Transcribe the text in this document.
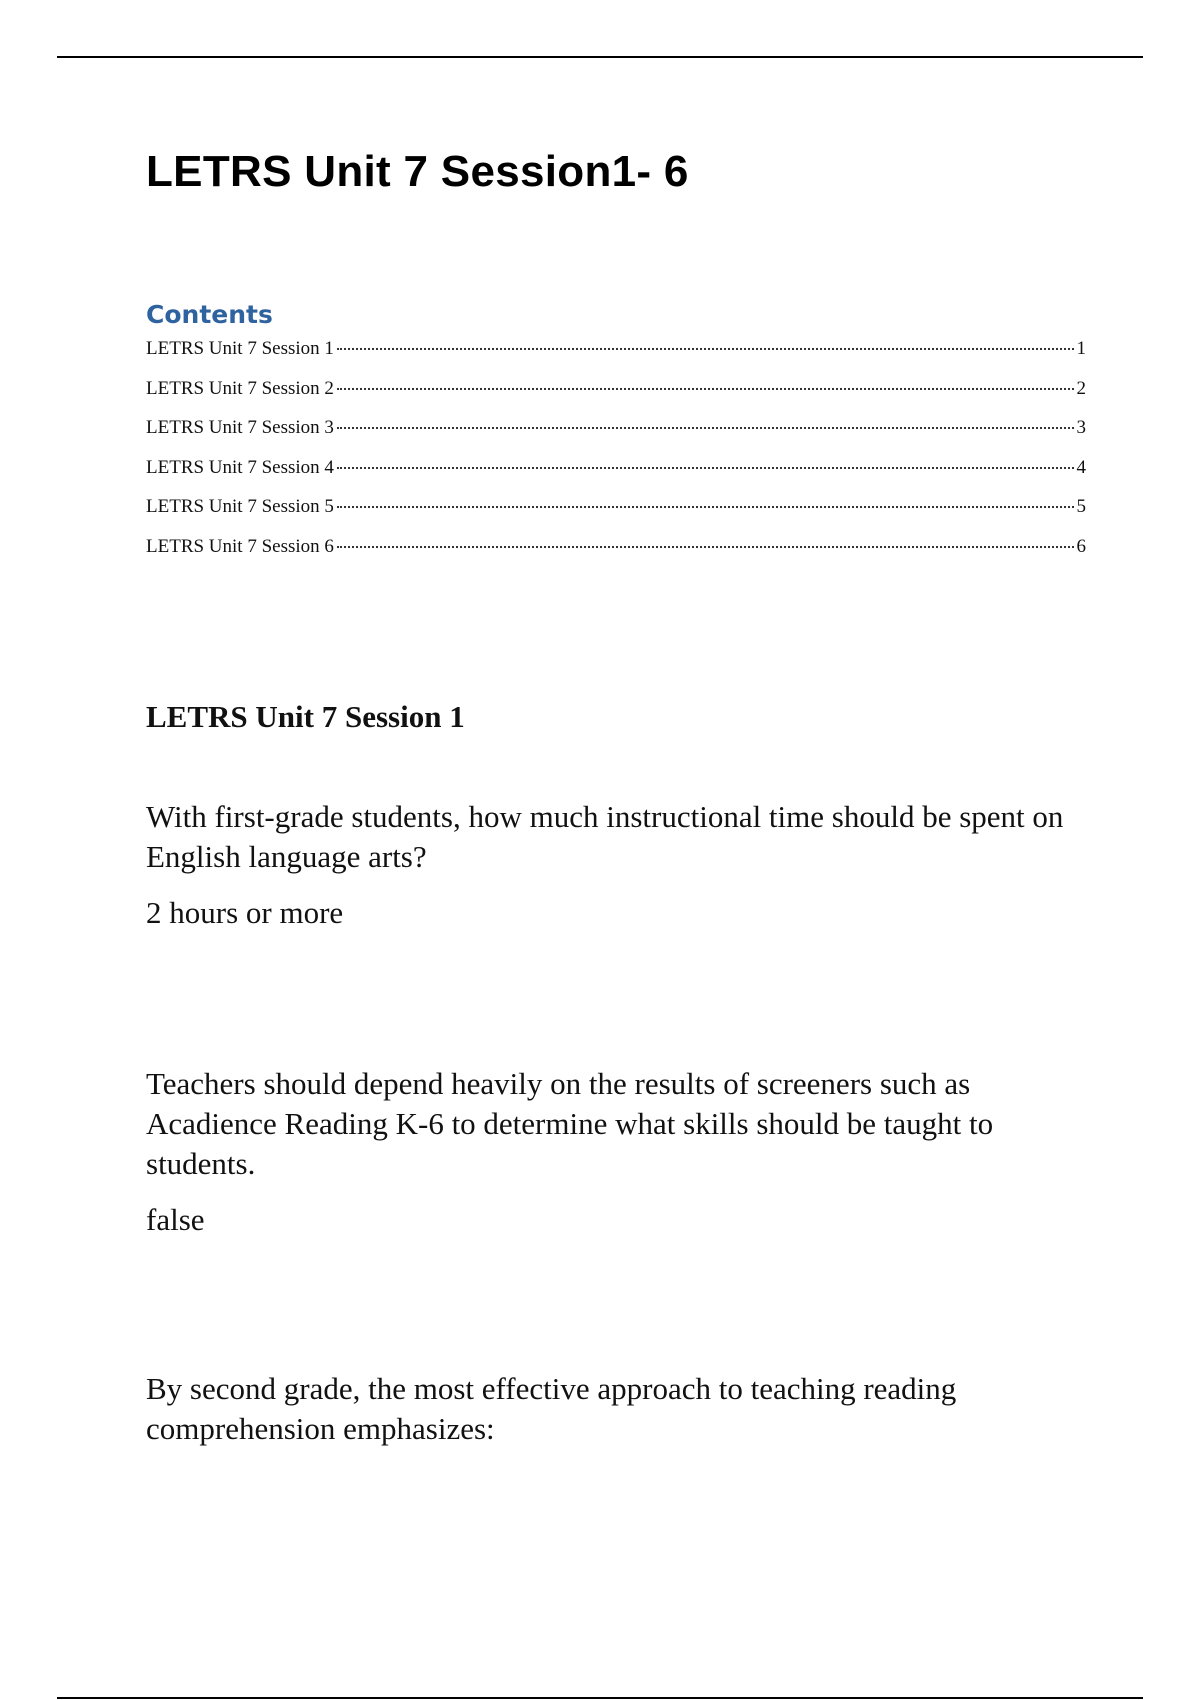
LETRS Unit 7 Session1- 6
Contents
LETRS Unit 7 Session 1	1
LETRS Unit 7 Session 2	2
LETRS Unit 7 Session 3	3
LETRS Unit 7 Session 4	4
LETRS Unit 7 Session 5	5
LETRS Unit 7 Session 6	6
LETRS Unit 7 Session 1

With first-grade students, how much instructional time should be spent on English language arts?

2 hours or more

Teachers should depend heavily on the results of screeners such as Acadience Reading K-6 to determine what skills should be taught to students.

false

By second grade, the most effective approach to teaching reading comprehension emphasizes:
